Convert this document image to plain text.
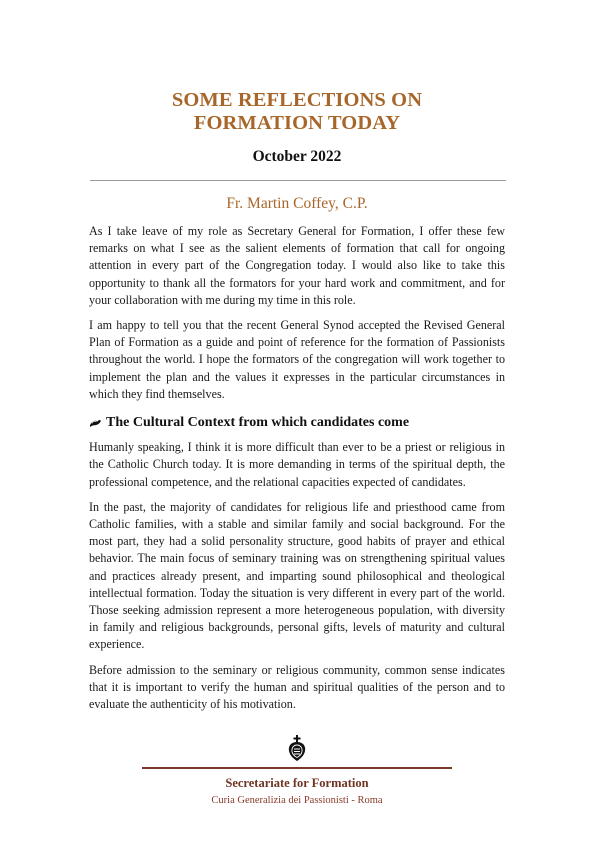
SOME REFLECTIONS ON
FORMATION TODAY
October 2022
Fr. Martin Coffey, C.P.

As I take leave of my role as Secretary General for Formation, I offer these few remarks on what I see as the salient elements of formation that call for ongoing attention in every part of the Congregation today. I would also like to take this opportunity to thank all the formators for your hard work and commitment, and for your collaboration with me during my time in this role.

I am happy to tell you that the recent General Synod accepted the Revised General Plan of Formation as a guide and point of reference for the formation of Passionists throughout the world. I hope the formators of the congregation will work together to implement the plan and the values it expresses in the particular circumstances in which they find themselves.

The Cultural Context from which candidates come

Humanly speaking, I think it is more difficult than ever to be a priest or religious in the Catholic Church today. It is more demanding in terms of the spiritual depth, the professional competence, and the relational capacities expected of candidates.

In the past, the majority of candidates for religious life and priesthood came from Catholic families, with a stable and similar family and social background. For the most part, they had a solid personality structure, good habits of prayer and ethical behavior. The main focus of seminary training was on strengthening spiritual values and practices already present, and imparting sound philosophical and theological intellectual formation. Today the situation is very different in every part of the world. Those seeking admission represent a more heterogeneous population, with diversity in family and religious backgrounds, personal gifts, levels of maturity and cultural experience.

Before admission to the seminary or religious community, common sense indicates that it is important to verify the human and spiritual qualities of the person and to evaluate the authenticity of his motivation.

Secretariate for Formation
Curia Generalizia dei Passionisti - Roma
